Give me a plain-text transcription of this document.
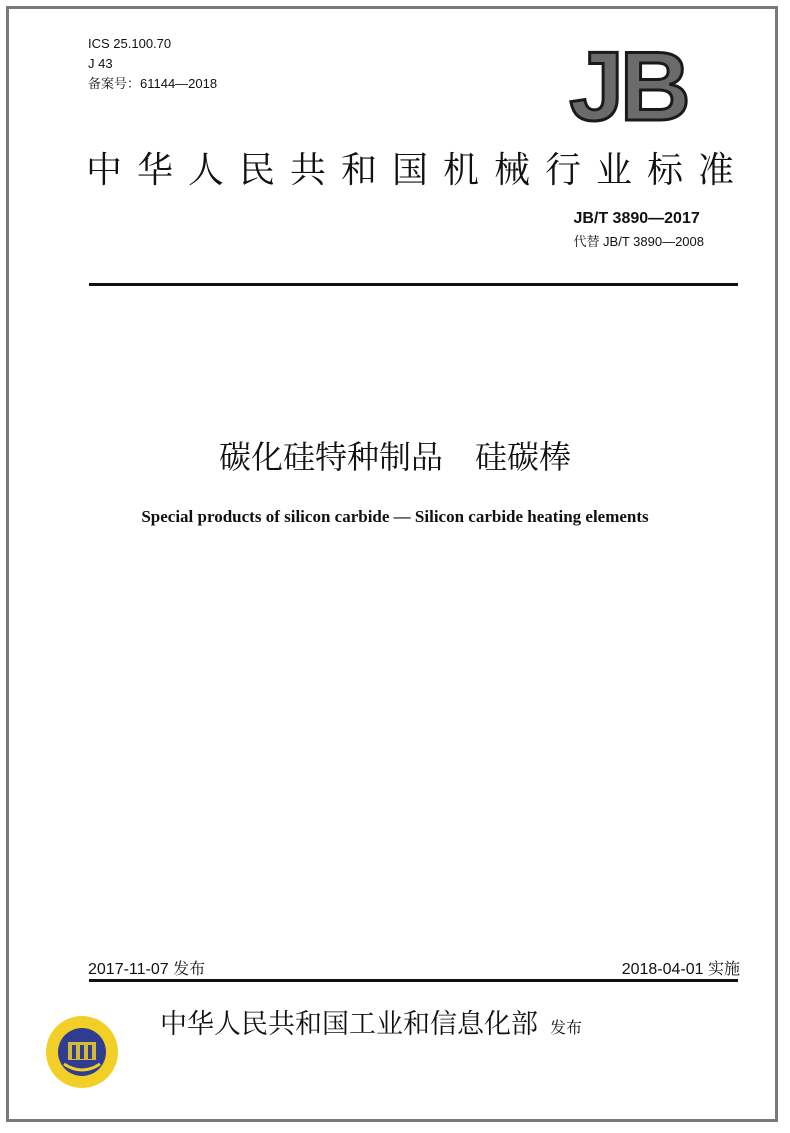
ICS 25.100.70
J 43
备案号：61144—2018	JB
中华人民共和国机械行业标准
JB/T 3890—2017
代替 JB/T 3890—2008
碳化硅特种制品　硅碳棒
Special products of silicon carbide — Silicon carbide heating elements
2017-11-07 发布	2018-04-01 实施
中华人民共和国工业和信息化部 发布
